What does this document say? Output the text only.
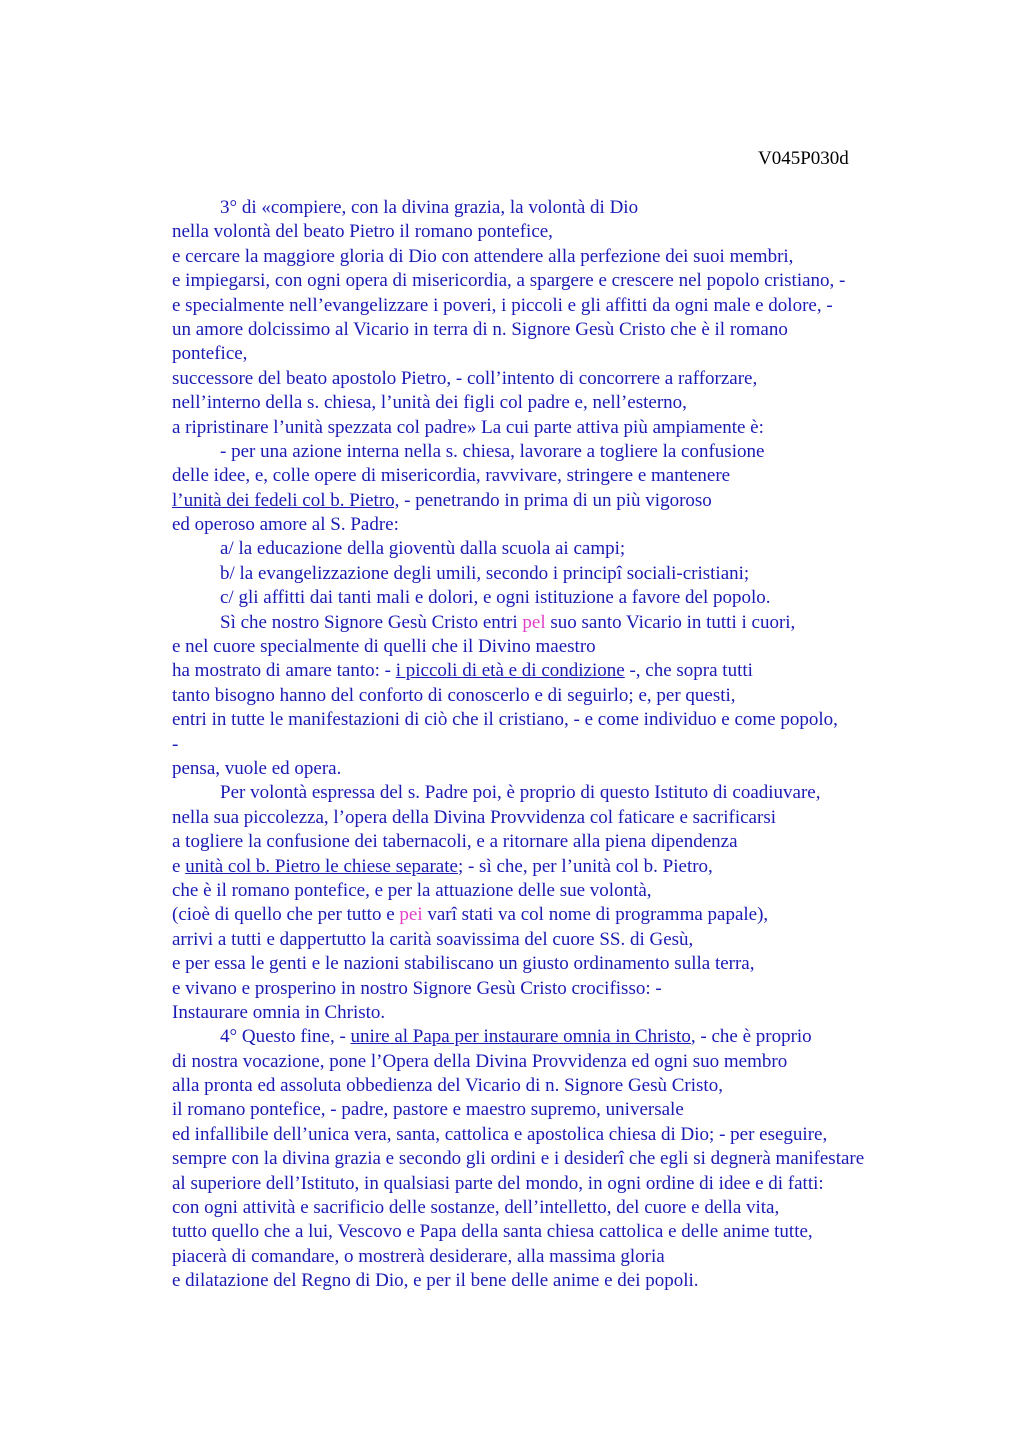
V045P030d
3° di «compiere, con la divina grazia, la volontà di Dio
nella volontà del beato Pietro il romano pontefice,
e cercare la maggiore gloria di Dio con attendere alla perfezione dei suoi membri,
e impiegarsi, con ogni opera di misericordia, a spargere e crescere nel popolo cristiano, -
e specialmente nell’evangelizzare i poveri, i piccoli e gli affitti da ogni male e dolore, -
un amore dolcissimo al Vicario in terra di n. Signore Gesù Cristo che è il romano
pontefice,
successore del beato apostolo Pietro, - coll’intento di concorrere a rafforzare,
nell’interno della s. chiesa, l’unità dei figli col padre e, nell’esterno,
a ripristinare l’unità spezzata col padre» La cui parte attiva più ampiamente è:
- per una azione interna nella s. chiesa, lavorare a togliere la confusione
delle idee, e, colle opere di misericordia, ravvivare, stringere e mantenere
l’unità dei fedeli col b. Pietro, - penetrando in prima di un più vigoroso
ed operoso amore al S. Padre:
a/ la educazione della gioventù dalla scuola ai campi;
b/ la evangelizzazione degli umili, secondo i principî sociali-cristiani;
c/ gli affitti dai tanti mali e dolori, e ogni istituzione a favore del popolo.
Sì che nostro Signore Gesù Cristo entri pel suo santo Vicario in tutti i cuori,
e nel cuore specialmente di quelli che il Divino maestro
ha mostrato di amare tanto: - i piccoli di età e di condizione -, che sopra tutti
tanto bisogno hanno del conforto di conoscerlo e di seguirlo; e, per questi,
entri in tutte le manifestazioni di ciò che il cristiano, - e come individuo e come popolo,
-
pensa, vuole ed opera.
Per volontà espressa del s. Padre poi, è proprio di questo Istituto di coadiuvare,
nella sua piccolezza, l’opera della Divina Provvidenza col faticare e sacrificarsi
a togliere la confusione dei tabernacoli, e a ritornare alla piena dipendenza
e unità col b. Pietro le chiese separate; - sì che, per l’unità col b. Pietro,
che è il romano pontefice, e per la attuazione delle sue volontà,
(cioè di quello che per tutto e pei varî stati va col nome di programma papale),
arrivi a tutti e dappertutto la carità soavissima del cuore SS. di Gesù,
e per essa le genti e le nazioni stabiliscano un giusto ordinamento sulla terra,
e vivano e prosperino in nostro Signore Gesù Cristo crocifisso: -
Instaurare omnia in Christo.
4° Questo fine, - unire al Papa per instaurare omnia in Christo, - che è proprio
di nostra vocazione, pone l’Opera della Divina Provvidenza ed ogni suo membro
alla pronta ed assoluta obbedienza del Vicario di n. Signore Gesù Cristo,
il romano pontefice, - padre, pastore e maestro supremo, universale
ed infallibile dell’unica vera, santa, cattolica e apostolica chiesa di Dio; - per eseguire,
sempre con la divina grazia e secondo gli ordini e i desiderî che egli si degnerà manifestare
al superiore dell’Istituto, in qualsiasi parte del mondo, in ogni ordine di idee e di fatti:
con ogni attività e sacrificio delle sostanze, dell’intelletto, del cuore e della vita,
tutto quello che a lui, Vescovo e Papa della santa chiesa cattolica e delle anime tutte,
piacerà di comandare, o mostrerà desiderare, alla massima gloria
e dilatazione del Regno di Dio, e per il bene delle anime e dei popoli.
